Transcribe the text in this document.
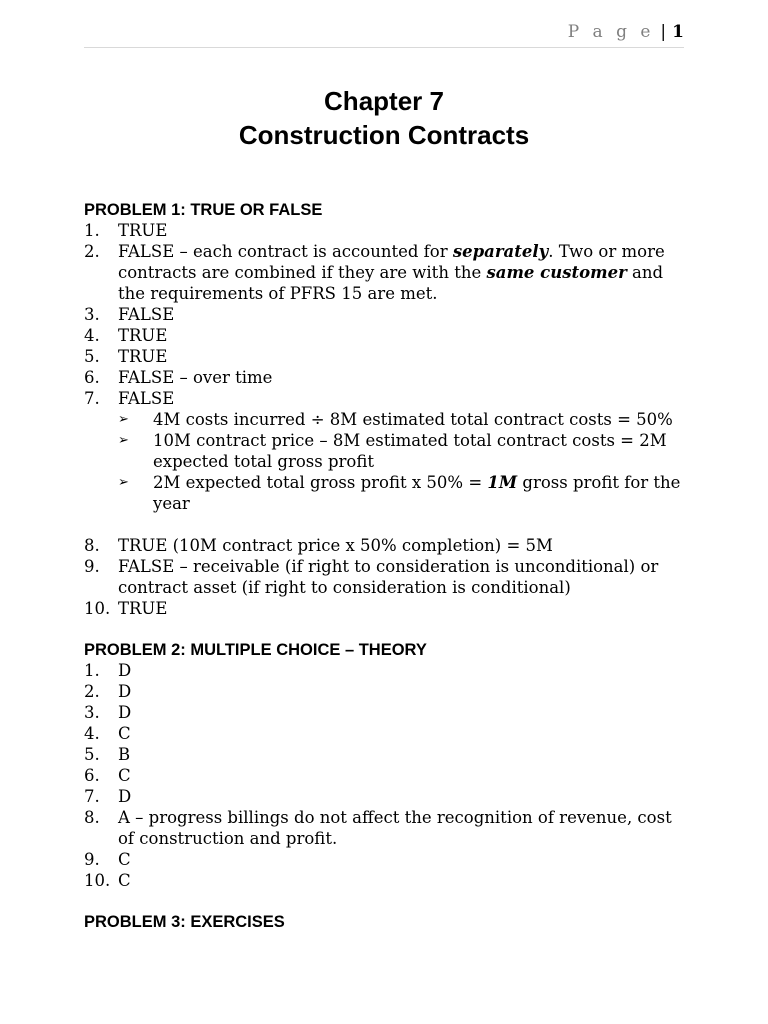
P a g e | 1
Chapter 7
Construction Contracts
PROBLEM 1: TRUE OR FALSE
1.	TRUE
2.	FALSE – each contract is accounted for separately. Two or more contracts are combined if they are with the same customer and the requirements of PFRS 15 are met.
3.	FALSE
4.	TRUE
5.	TRUE
6.	FALSE – over time
7.	FALSE
➢	4M costs incurred ÷ 8M estimated total contract costs = 50%
➢	10M contract price – 8M estimated total contract costs = 2M expected total gross profit
➢	2M expected total gross profit x 50% = 1M gross profit for the year
8.	TRUE (10M contract price x 50% completion) = 5M
9.	FALSE – receivable (if right to consideration is unconditional) or contract asset (if right to consideration is conditional)
10. TRUE
PROBLEM 2: MULTIPLE CHOICE – THEORY
1.	D
2.	D
3.	D
4.	C
5.	B
6.	C
7.	D
8.	A – progress billings do not affect the recognition of revenue, cost of construction and profit.
9.	C
10. C
PROBLEM 3: EXERCISES
